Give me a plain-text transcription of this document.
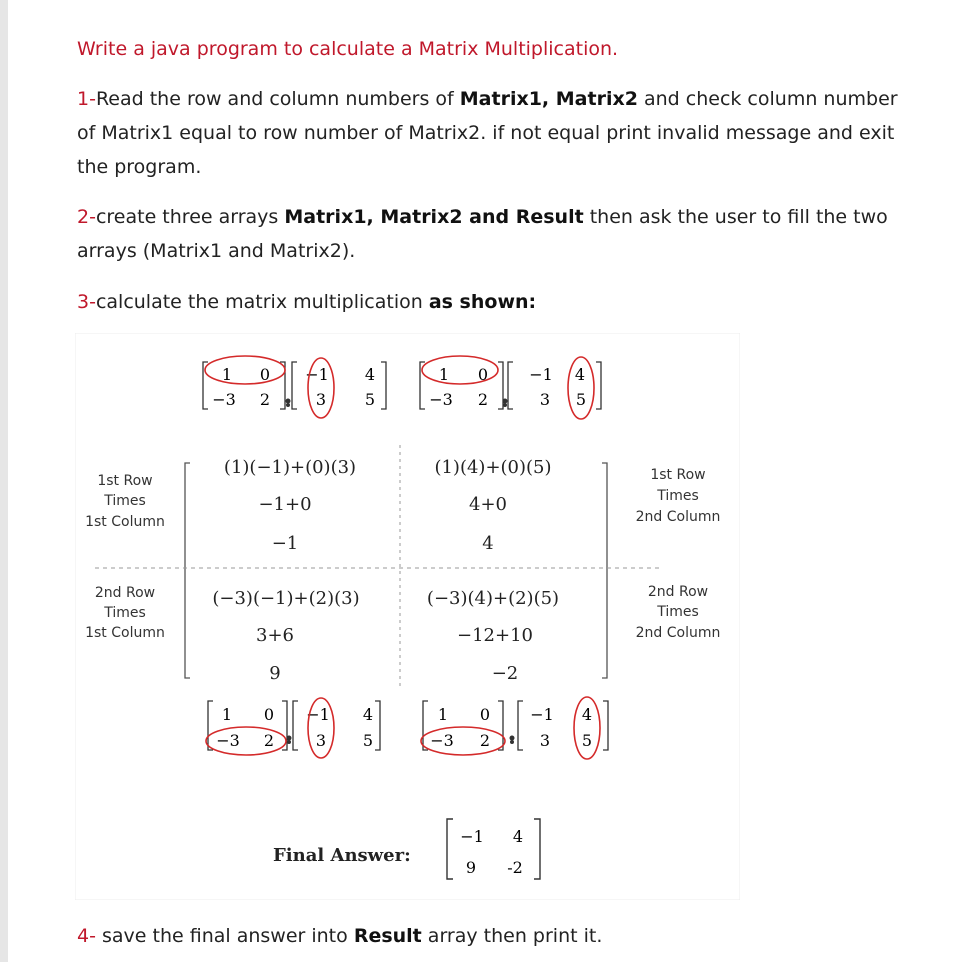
Write a java program to calculate a Matrix Multiplication.
1-Read the row and column numbers of Matrix1, Matrix2 and check column number of Matrix1 equal to row number of Matrix2. if not equal print invalid message and exit the program.
2-create three arrays Matrix1, Matrix2 and Result then ask the user to fill the two arrays (Matrix1 and Matrix2).
3-calculate the matrix multiplication as shown:
4- save the final answer into Result array then print it.
1 0
−3 2
−1 4
3 5
1 0
−3 2
−1 4
3 5
1st Row
Times
1st Column
1st Row
Times
2nd Column
2nd Row
Times
1st Column
2nd Row
Times
2nd Column
(1)(−1)+(0)(3)
−1+0
−1
(1)(4)+(0)(5)
4+0
4
(−3)(−1)+(2)(3)
3+6
9
(−3)(4)+(2)(5)
−12+10
−2
1 0
−3 2
−1 4
3 5
1 0
−3 2
−1 4
3 5
Final Answer:
−1 4
9 -2
